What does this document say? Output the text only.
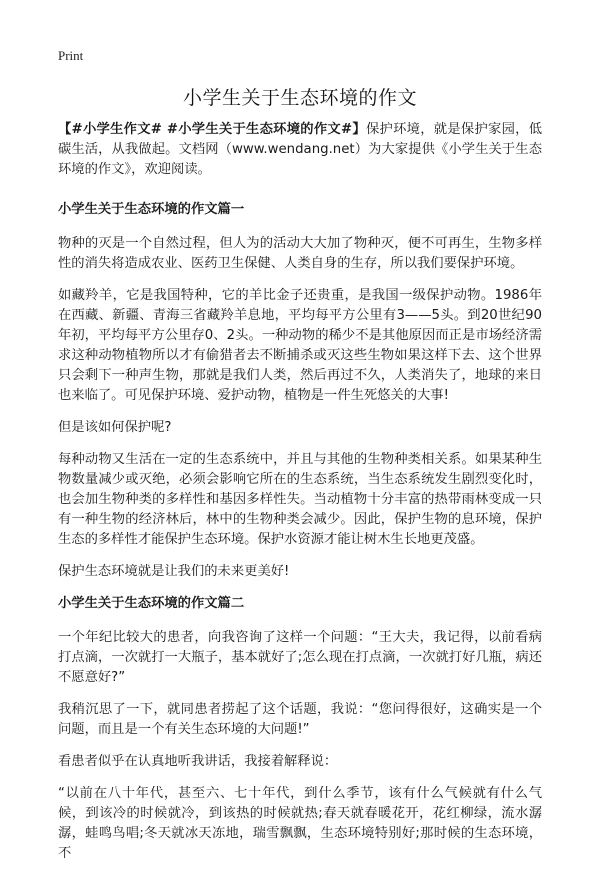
Print
小学生关于生态环境的作文

【#小学生作文# #小学生关于生态环境的作文#】保护环境，就是保护家园，低碳生活，从我做起。文档网（www.wendang.net）为大家提供《小学生关于生态环境的作文》，欢迎阅读。

小学生关于生态环境的作文篇一

物种的灭是一个自然过程，但人为的活动大大加了物种灭，便不可再生，生物多样性的消失将造成农业、医药卫生保健、人类自身的生存，所以我们要保护环境。

如藏羚羊，它是我国特种，它的羊比金子还贵重，是我国一级保护动物。1986年在西藏、新疆、青海三省藏羚羊息地，平均每平方公里有3——5头。到20世纪90年初，平均每平方公里存0、2头。一种动物的稀少不是其他原因而正是市场经济需求这种动物植物所以才有偷猎者去不断捕杀或灭这些生物如果这样下去、这个世界只会剩下一种声生物，那就是我们人类，然后再过不久，人类消失了，地球的来日也来临了。可见保护环境、爱护动物，植物是一件生死悠关的大事!

但是该如何保护呢?

每种动物又生活在一定的生态系统中，并且与其他的生物种类相关系。如果某种生物数量减少或灭绝，必须会影响它所在的生态系统，当生态系统发生剧烈变化时，也会加生物种类的多样性和基因多样性失。当动植物十分丰富的热带雨林变成一只有一种生物的经济林后，林中的生物种类会减少。因此，保护生物的息环境，保护生态的多样性才能保护生态环境。保护水资源才能让树木生长地更茂盛。

保护生态环境就是让我们的未来更美好!

小学生关于生态环境的作文篇二

一个年纪比较大的患者，向我咨询了这样一个问题：“王大夫，我记得，以前看病打点滴，一次就打一大瓶子，基本就好了;怎么现在打点滴，一次就打好几瓶，病还不愿意好?”

我稍沉思了一下，就同患者捞起了这个话题，我说：“您问得很好，这确实是一个问题，而且是一个有关生态环境的大问题!”

看患者似乎在认真地听我讲话，我接着解释说：

“以前在八十年代，甚至六、七十年代，到什么季节，该有什么气候就有什么气候，到该冷的时候就冷，到该热的时候就热;春天就春暖花开，花红柳绿，流水潺潺，蛙鸣鸟唱;冬天就冰天冻地，瑞雪飘飘，生态环境特别好;那时候的生态环境，不
